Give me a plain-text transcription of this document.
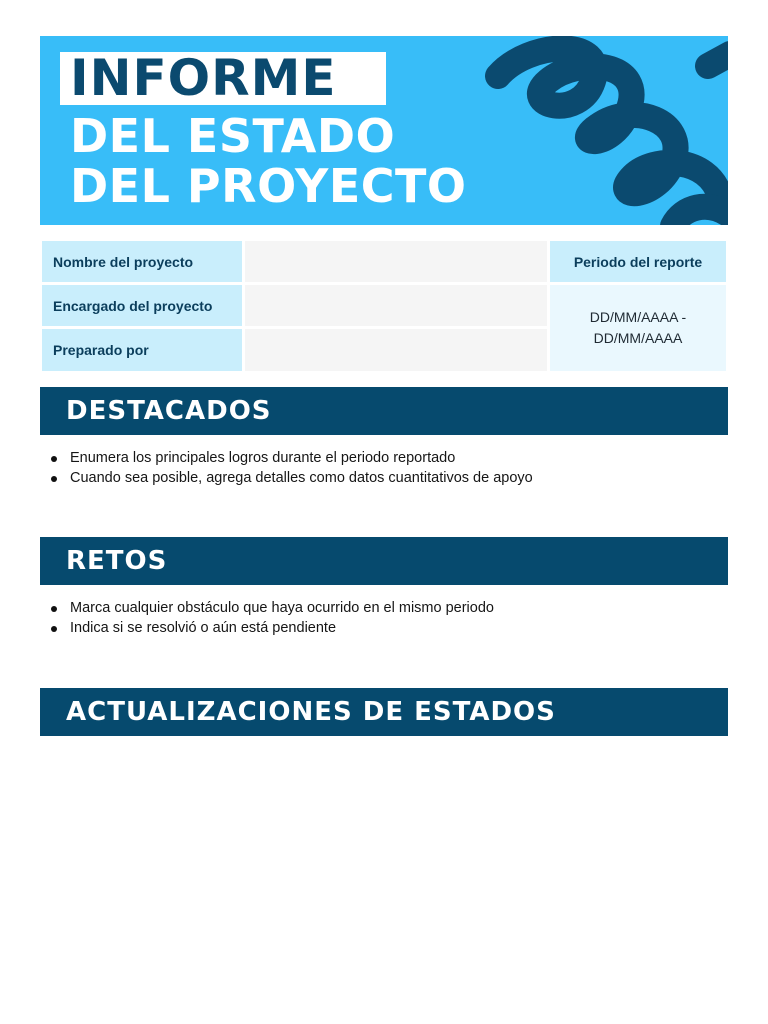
INFORME
DEL ESTADO
DEL PROYECTO
Nombre del proyecto
Encargado del proyecto
Preparado por
Periodo del reporte
DD/MM/AAAA -
DD/MM/AAAA
DESTACADOS
Enumera los principales logros durante el periodo reportado
Cuando sea posible, agrega detalles como datos cuantitativos de apoyo
RETOS
Marca cualquier obstáculo que haya ocurrido en el mismo periodo
Indica si se resolvió o aún está pendiente
ACTUALIZACIONES DE ESTADOS
